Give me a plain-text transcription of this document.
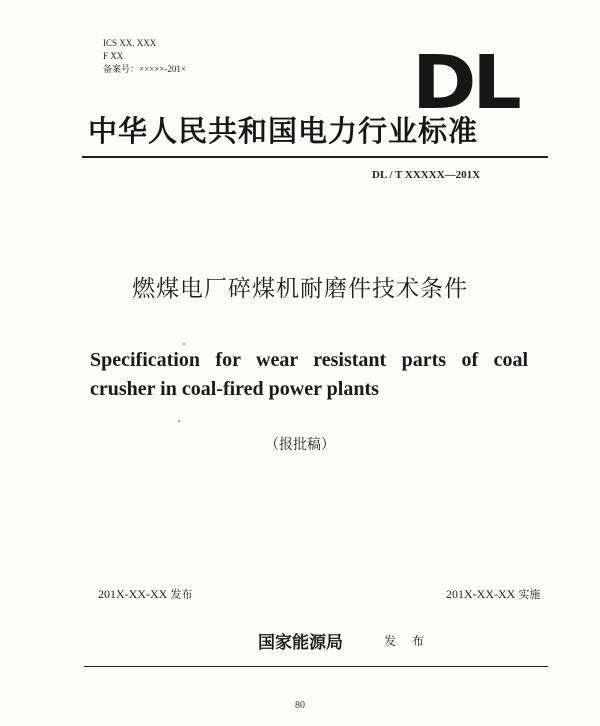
ICS XX. XXX
F XX
备案号：×××××-201×	DL
中华人民共和国电力行业标准
DL / T XXXXX—201X
燃煤电厂碎煤机耐磨件技术条件
Specification for wear resistant parts of coal
crusher in coal-fired power plants
（报批稿）
201X-XX-XX 发布	201X-XX-XX 实施
国家能源局	发 布
80
